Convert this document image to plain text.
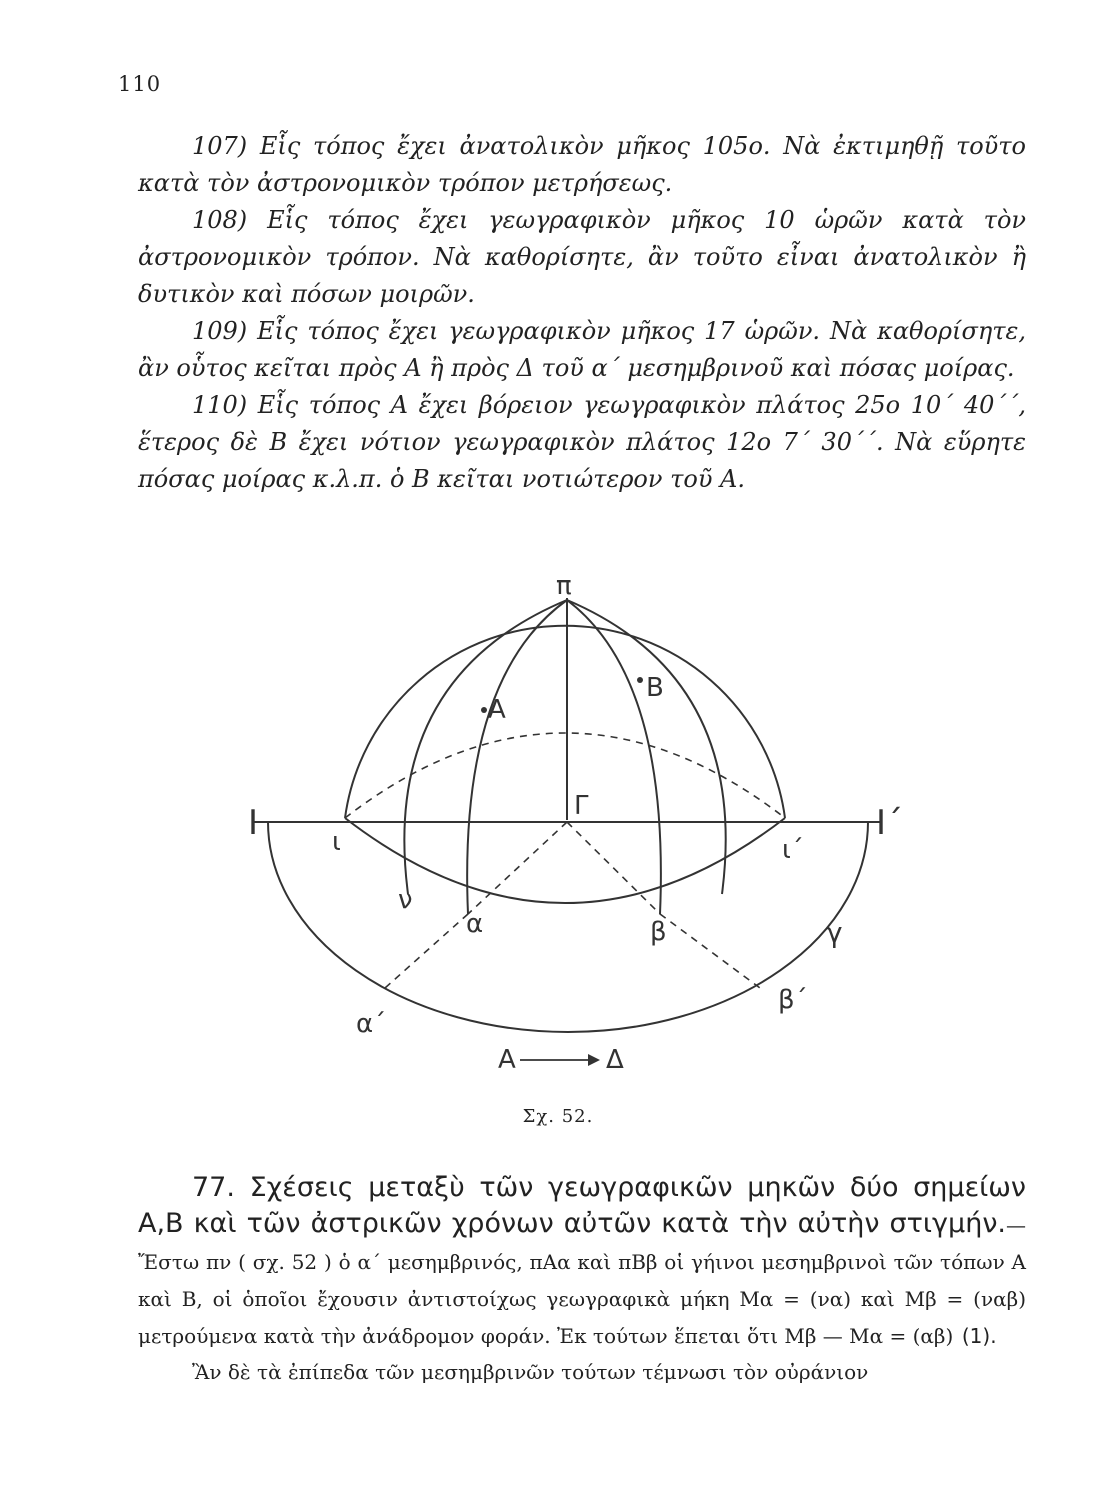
110

107) Εἷς τόπος ἔχει ἀνατολικὸν μῆκος 105ο. Νὰ ἐκτιμηθῇ τοῦτο κατὰ τὸν ἀστρονομικὸν τρόπον μετρήσεως.

108) Εἷς τόπος ἔχει γεωγραφικὸν μῆκος 10 ὡρῶν κατὰ τὸν ἀστρονομικὸν τρόπον. Νὰ καθορίσητε, ἂν τοῦτο εἶναι ἀνατολικὸν ἢ δυτικὸν καὶ πόσων μοιρῶν.

109) Εἷς τόπος ἔχει γεωγραφικὸν μῆκος 17 ὡρῶν. Νὰ καθορίσητε, ἂν οὗτος κεῖται πρὸς Α ἢ πρὸς Δ τοῦ α΄ μεσημβρινοῦ καὶ πόσας μοίρας.

110) Εἷς τόπος Α ἔχει βόρειον γεωγραφικὸν πλάτος 25ο 10΄ 40΄΄, ἕτερος δὲ Β ἔχει νότιον γεωγραφικὸν πλάτος 12ο 7΄ 30΄΄. Νὰ εὕρητε πόσας μοίρας κ.λ.π. ὁ Β κεῖται νοτιώτερον τοῦ Α.

π
Β
Α
Γ
Ι	Ι΄
ι	ι΄
ν
α	β	γ
α΄
β΄
Α	Δ
Σχ. 52.

77. Σχέσεις μεταξὺ τῶν γεωγραφικῶν μηκῶν δύο σημείων Α,Β καὶ τῶν ἀστρικῶν χρόνων αὐτῶν κατὰ τὴν αὐτὴν στιγμήν.—Ἔστω πν ( σχ. 52 ) ὁ α΄ μεσημβρινός, πΑα καὶ πΒβ οἱ γήινοι μεσημβρινοὶ τῶν τόπων Α καὶ Β, οἱ ὁποῖοι ἔχουσιν ἀντιστοίχως γεωγραφικὰ μήκη Μα = (να) καὶ Μβ = (ναβ) μετρούμενα κατὰ τὴν ἀνάδρομον φοράν. Ἐκ τούτων ἕπεται ὅτι Μβ — Μα = (αβ) (1).

Ἂν δὲ τὰ ἐπίπεδα τῶν μεσημβρινῶν τούτων τέμνωσι τὸν οὐράνιον
